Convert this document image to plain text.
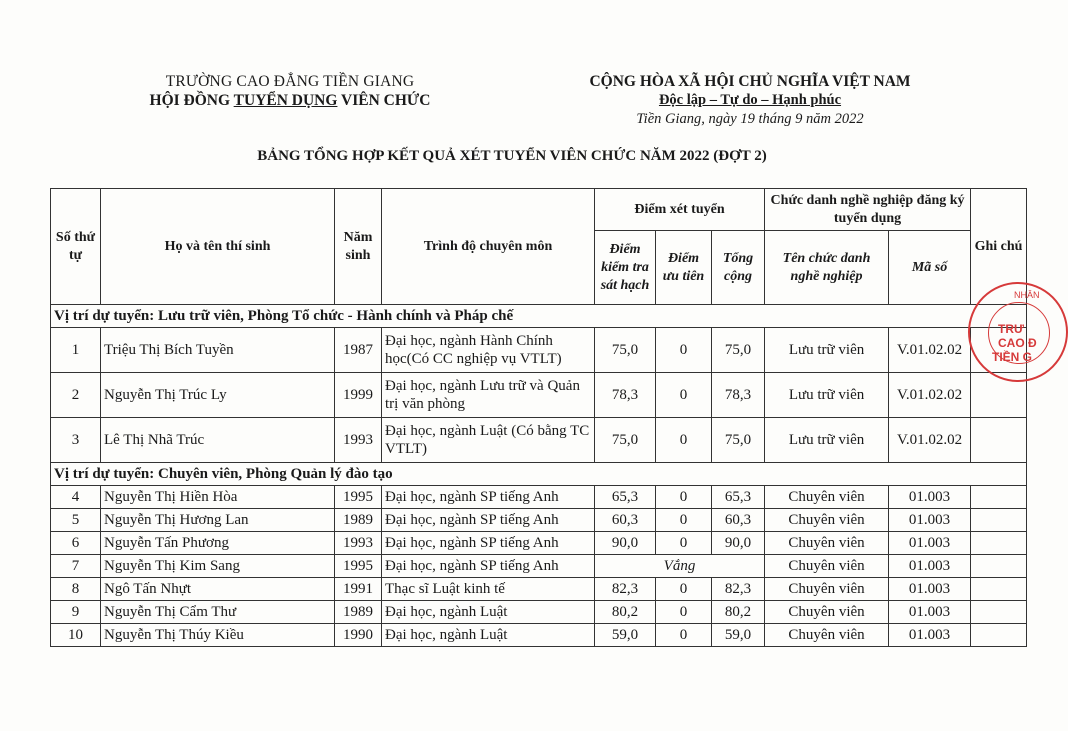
TRƯỜNG CAO ĐẲNG TIỀN GIANG
HỘI ĐỒNG TUYỂN DỤNG VIÊN CHỨC
CỘNG HÒA XÃ HỘI CHỦ NGHĨA VIỆT NAM
Độc lập – Tự do – Hạnh phúc
Tiền Giang, ngày 19 tháng 9 năm 2022
BẢNG TỔNG HỢP KẾT QUẢ XÉT TUYỂN VIÊN CHỨC NĂM 2022 (ĐỢT 2)
Số thứ tự	Họ và tên thí sinh	Năm sinh	Trình độ chuyên môn	Điểm xét tuyển			Chức danh nghề nghiệp đăng ký tuyển dụng		Ghi chú
				Điểm kiểm tra sát hạch	Điểm ưu tiên	Tổng cộng	Tên chức danh nghề nghiệp	Mã số	
Vị trí dự tuyển: Lưu trữ viên, Phòng Tổ chức - Hành chính và Pháp chế									
1	Triệu Thị Bích Tuyền	1987	Đại học, ngành Hành Chính học(Có CC nghiệp vụ VTLT)	75,0	0	75,0	Lưu trữ viên	V.01.02.02	
2	Nguyễn Thị Trúc Ly	1999	Đại học, ngành Lưu trữ và Quản trị văn phòng	78,3	0	78,3	Lưu trữ viên	V.01.02.02	
3	Lê Thị Nhã Trúc	1993	Đại học, ngành Luật (Có bằng TC VTLT)	75,0	0	75,0	Lưu trữ viên	V.01.02.02	
Vị trí dự tuyển: Chuyên viên, Phòng Quản lý đào tạo									
4	Nguyễn Thị Hiền Hòa	1995	Đại học, ngành SP tiếng Anh	65,3	0	65,3	Chuyên viên	01.003	
5	Nguyễn Thị Hương Lan	1989	Đại học, ngành SP tiếng Anh	60,3	0	60,3	Chuyên viên	01.003	
6	Nguyễn Tấn Phương	1993	Đại học, ngành SP tiếng Anh	90,0	0	90,0	Chuyên viên	01.003	
7	Nguyễn Thị Kim Sang	1995	Đại học, ngành SP tiếng Anh	Vắng			Chuyên viên	01.003	
8	Ngô Tấn Nhựt	1991	Thạc sĩ Luật kinh tế	82,3	0	82,3	Chuyên viên	01.003	
9	Nguyễn Thị Cẩm Thư	1989	Đại học, ngành Luật	80,2	0	80,2	Chuyên viên	01.003	
10	Nguyễn Thị Thúy Kiều	1990	Đại học, ngành Luật	59,0	0	59,0	Chuyên viên	01.003	
NHÂN
TRƯ
CAO Đ
TIỀN G
